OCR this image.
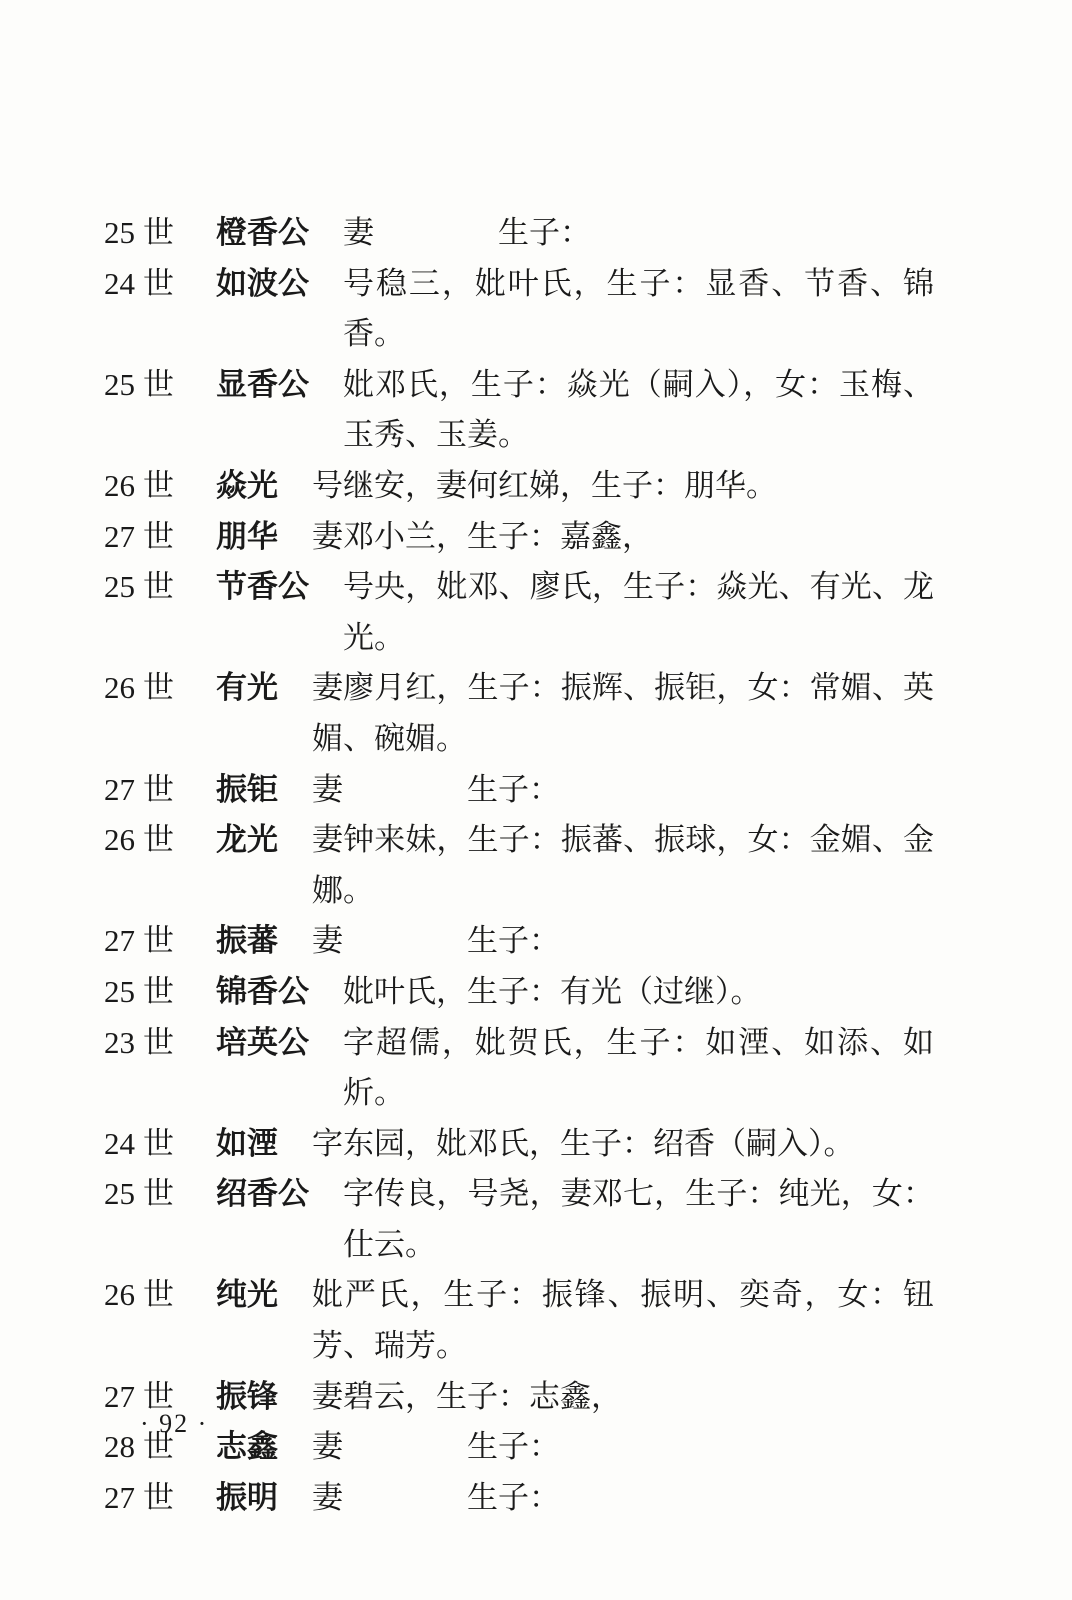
25 世	橙香公 妻　　　　生子：
24 世	如波公 号稳三，妣叶氏，生子：显香、节香、锦香。
25 世	显香公 妣邓氏，生子：焱光（嗣入），女：玉梅、玉秀、玉姜。
26 世	焱光 号继安，妻何红娣，生子：朋华。
27 世	朋华 妻邓小兰，生子：嘉鑫，
25 世	节香公 号央，妣邓、廖氏，生子：焱光、有光、龙光。
26 世	有光 妻廖月红，生子：振辉、振钜，女：常媚、英媚、碗媚。
27 世	振钜 妻　　　　生子：
26 世	龙光 妻钟来妹，生子：振蕃、振球，女：金媚、金娜。
27 世	振蕃 妻　　　　生子：
25 世	锦香公 妣叶氏，生子：有光（过继）。
23 世	培英公 字超儒，妣贺氏，生子：如湮、如添、如炘。
24 世	如湮 字东园，妣邓氏，生子：绍香（嗣入）。
25 世	绍香公 字传良，号尧，妻邓七，生子：纯光，女：仕云。
26 世	纯光 妣严氏，生子：振锋、振明、奕奇，女：钮芳、瑞芳。
27 世	振锋 妻碧云，生子：志鑫，
28 世	志鑫 妻　　　　生子：
27 世	振明 妻　　　　生子：
· 92 ·
